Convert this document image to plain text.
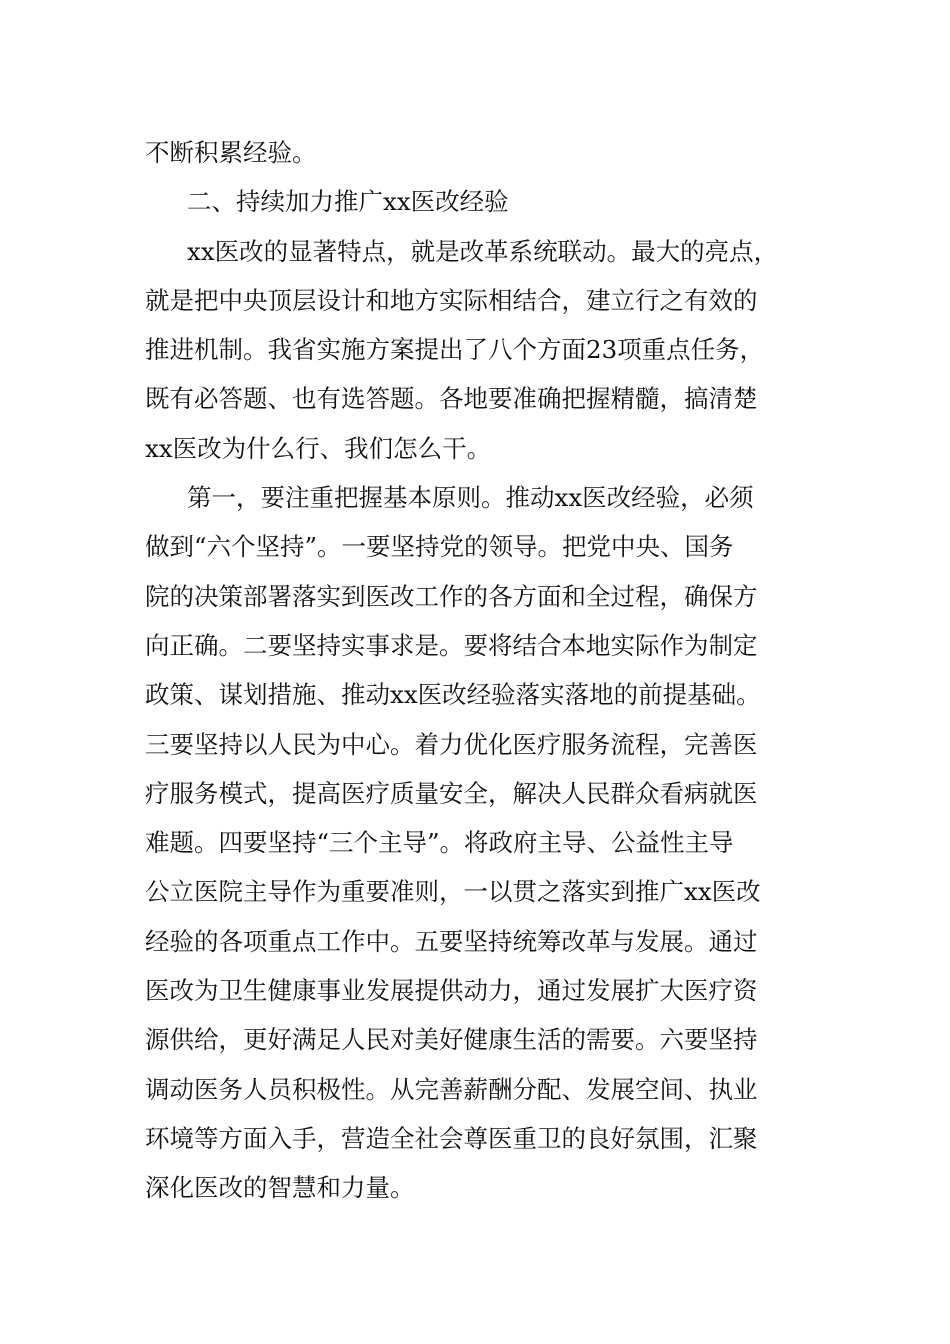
不断积累经验。
二、持续加力推广xx医改经验
xx医改的显著特点，就是改革系统联动。最大的亮点，
就是把中央顶层设计和地方实际相结合，建立行之有效的
推进机制。我省实施方案提出了八个方面23项重点任务，
既有必答题、也有选答题。各地要准确把握精髓，搞清楚
xx医改为什么行、我们怎么干。
第一，要注重把握基本原则。推动xx医改经验，必须
做到“六个坚持”。一要坚持党的领导。把党中央、国务
院的决策部署落实到医改工作的各方面和全过程，确保方
向正确。二要坚持实事求是。要将结合本地实际作为制定
政策、谋划措施、推动xx医改经验落实落地的前提基础。
三要坚持以人民为中心。着力优化医疗服务流程，完善医
疗服务模式，提高医疗质量安全，解决人民群众看病就医
难题。四要坚持“三个主导”。将政府主导、公益性主导
公立医院主导作为重要准则，一以贯之落实到推广xx医改
经验的各项重点工作中。五要坚持统筹改革与发展。通过
医改为卫生健康事业发展提供动力，通过发展扩大医疗资
源供给，更好满足人民对美好健康生活的需要。六要坚持
调动医务人员积极性。从完善薪酬分配、发展空间、执业
环境等方面入手，营造全社会尊医重卫的良好氛围，汇聚
深化医改的智慧和力量。
